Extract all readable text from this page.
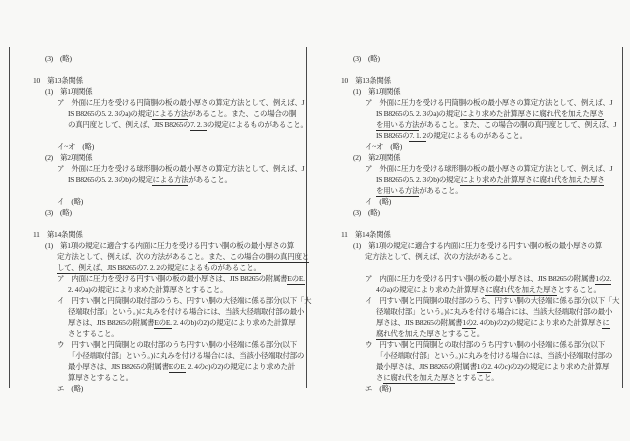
(3)　(略)
10　第13条関係
(1)　第1項関係
ア　外面に圧力を受ける円筒胴の板の最小厚さの算定方法として、例えば、J
IS B8265の5. 2. 3のa)の規定による方法があること。また、この場合の胴
の真円度として、例えば、JIS B8265の7. 2. 3の規定によるものがあること。
イ~オ　(略)
(2)　第2項関係
ア　外面に圧力を受ける球形胴の板の最小厚さの算定方法として、例えば、J
IS B8265の5. 2. 3のb)の規定による方法があること。
イ　(略)
(3)　(略)
11　第14条関係
(1)　第1項の規定に適合する内面に圧力を受ける円すい胴の板の最小厚さの算
定方法として、例えば、次の方法があること。また、この場合の胴の真円度と
して、例えば、JIS B8265の7. 2. 2の規定によるものがあること。
ア　内面に圧力を受ける円すい胴の板の最小厚さは、JIS B8265の附属書EのE.
2. 4のa)の規定により求めた計算厚さとすること。
イ　円すい胴と円筒胴の取付部のうち、円すい胴の大径端に係る部分(以下「大
径端取付部」という。)に丸みを付ける場合には、当該大径端取付部の最小
厚さは、JIS B8265の附属書EのE. 2. 4のb)の2)の規定により求めた計算厚
さとすること。
ウ　円すい胴と円筒胴との取付部のうち円すい胴の小径端に係る部分(以下
「小径端取付部」という。)に丸みを付ける場合には、当該小径端取付部の
最小厚さは、JIS B8265の附属書EのE. 2. 4のc)の2)の規定により求めた計
算厚さとすること。
エ　(略)
(3)　(略)
10　第13条関係
(1)　第1項関係
ア　外面に圧力を受ける円筒胴の板の最小厚さの算定方法として、例えば、J
IS B8265の5. 2. 3のa)の規定により求めた計算厚さに腐れ代を加えた厚さ
を用いる方法があること。また、この場合の胴の真円度として、例えば、J
IS B8265の7. 1. 2の規定によるものがあること。
イ~オ　(略)
(2)　第2項関係
ア　外面に圧力を受ける球形胴の板の最小厚さの算定方法として、例えば、J
IS B8265の5. 2. 3のb)の規定により求めた計算厚さに腐れ代を加えた厚さ
を用いる方法があること。
イ　(略)
(3)　(略)
11　第14条関係
(1)　第1項の規定に適合する内面に圧力を受ける円すい胴の板の最小厚さの算
定方法として、例えば、次の方法があること。
ア　内面に圧力を受ける円すい胴の板の最小厚さは、JIS B8265の附属書1の2.
4のa)の規定により求めた計算厚さに腐れ代を加えた厚さとすること。
イ　円すい胴と円筒胴の取付部のうち、円すい胴の大径端に係る部分(以下「大
径端取付部」という。)に丸みを付ける場合には、当該大径端取付部の最小
厚さは、JIS B8265の附属書1の2. 4のb)の2)の規定により求めた計算厚さに
腐れ代を加えた厚さとすること。
ウ　円すい胴と円筒胴との取付部のうち円すい胴の小径端に係る部分(以下
「小径端取付部」という。)に丸みを付ける場合には、当該小径端取付部の
最小厚さは、JIS B8265の附属書1の2. 4のc)の2)の規定により求めた計算厚
さに腐れ代を加えた厚さとすること。
エ　(略)
